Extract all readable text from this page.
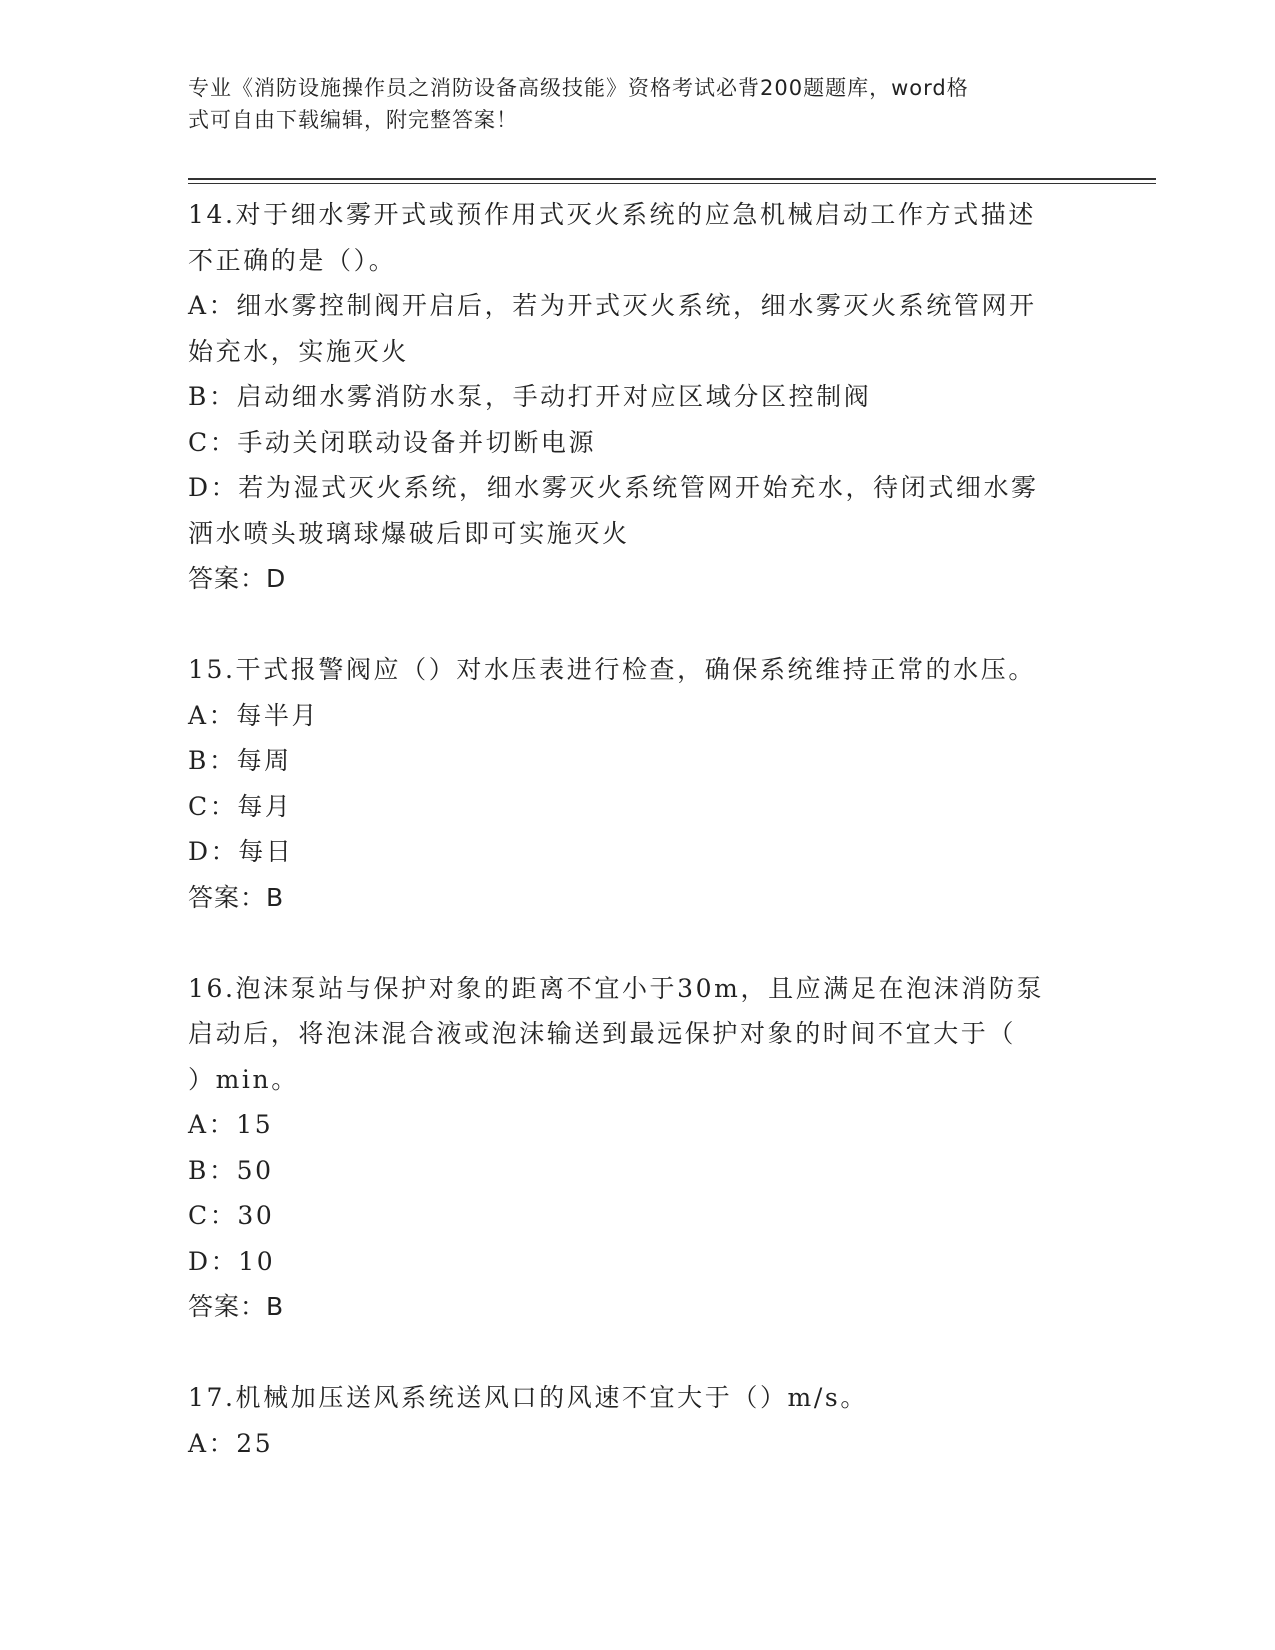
专业《消防设施操作员之消防设备高级技能》资格考试必背200题题库，word格
式可自由下载编辑，附完整答案！
14.对于细水雾开式或预作用式灭火系统的应急机械启动工作方式描述
不正确的是（）。
A：细水雾控制阀开启后，若为开式灭火系统，细水雾灭火系统管网开
始充水，实施灭火
B：启动细水雾消防水泵，手动打开对应区域分区控制阀
C：手动关闭联动设备并切断电源
D：若为湿式灭火系统，细水雾灭火系统管网开始充水，待闭式细水雾
洒水喷头玻璃球爆破后即可实施灭火
答案：D
15.干式报警阀应（）对水压表进行检查，确保系统维持正常的水压。
A：每半月
B：每周
C：每月
D：每日
答案：B
16.泡沫泵站与保护对象的距离不宜小于30m，且应满足在泡沫消防泵
启动后，将泡沫混合液或泡沫输送到最远保护对象的时间不宜大于（
）min。
A：15
B：50
C：30
D：10
答案：B
17.机械加压送风系统送风口的风速不宜大于（）m/s。
A：25
